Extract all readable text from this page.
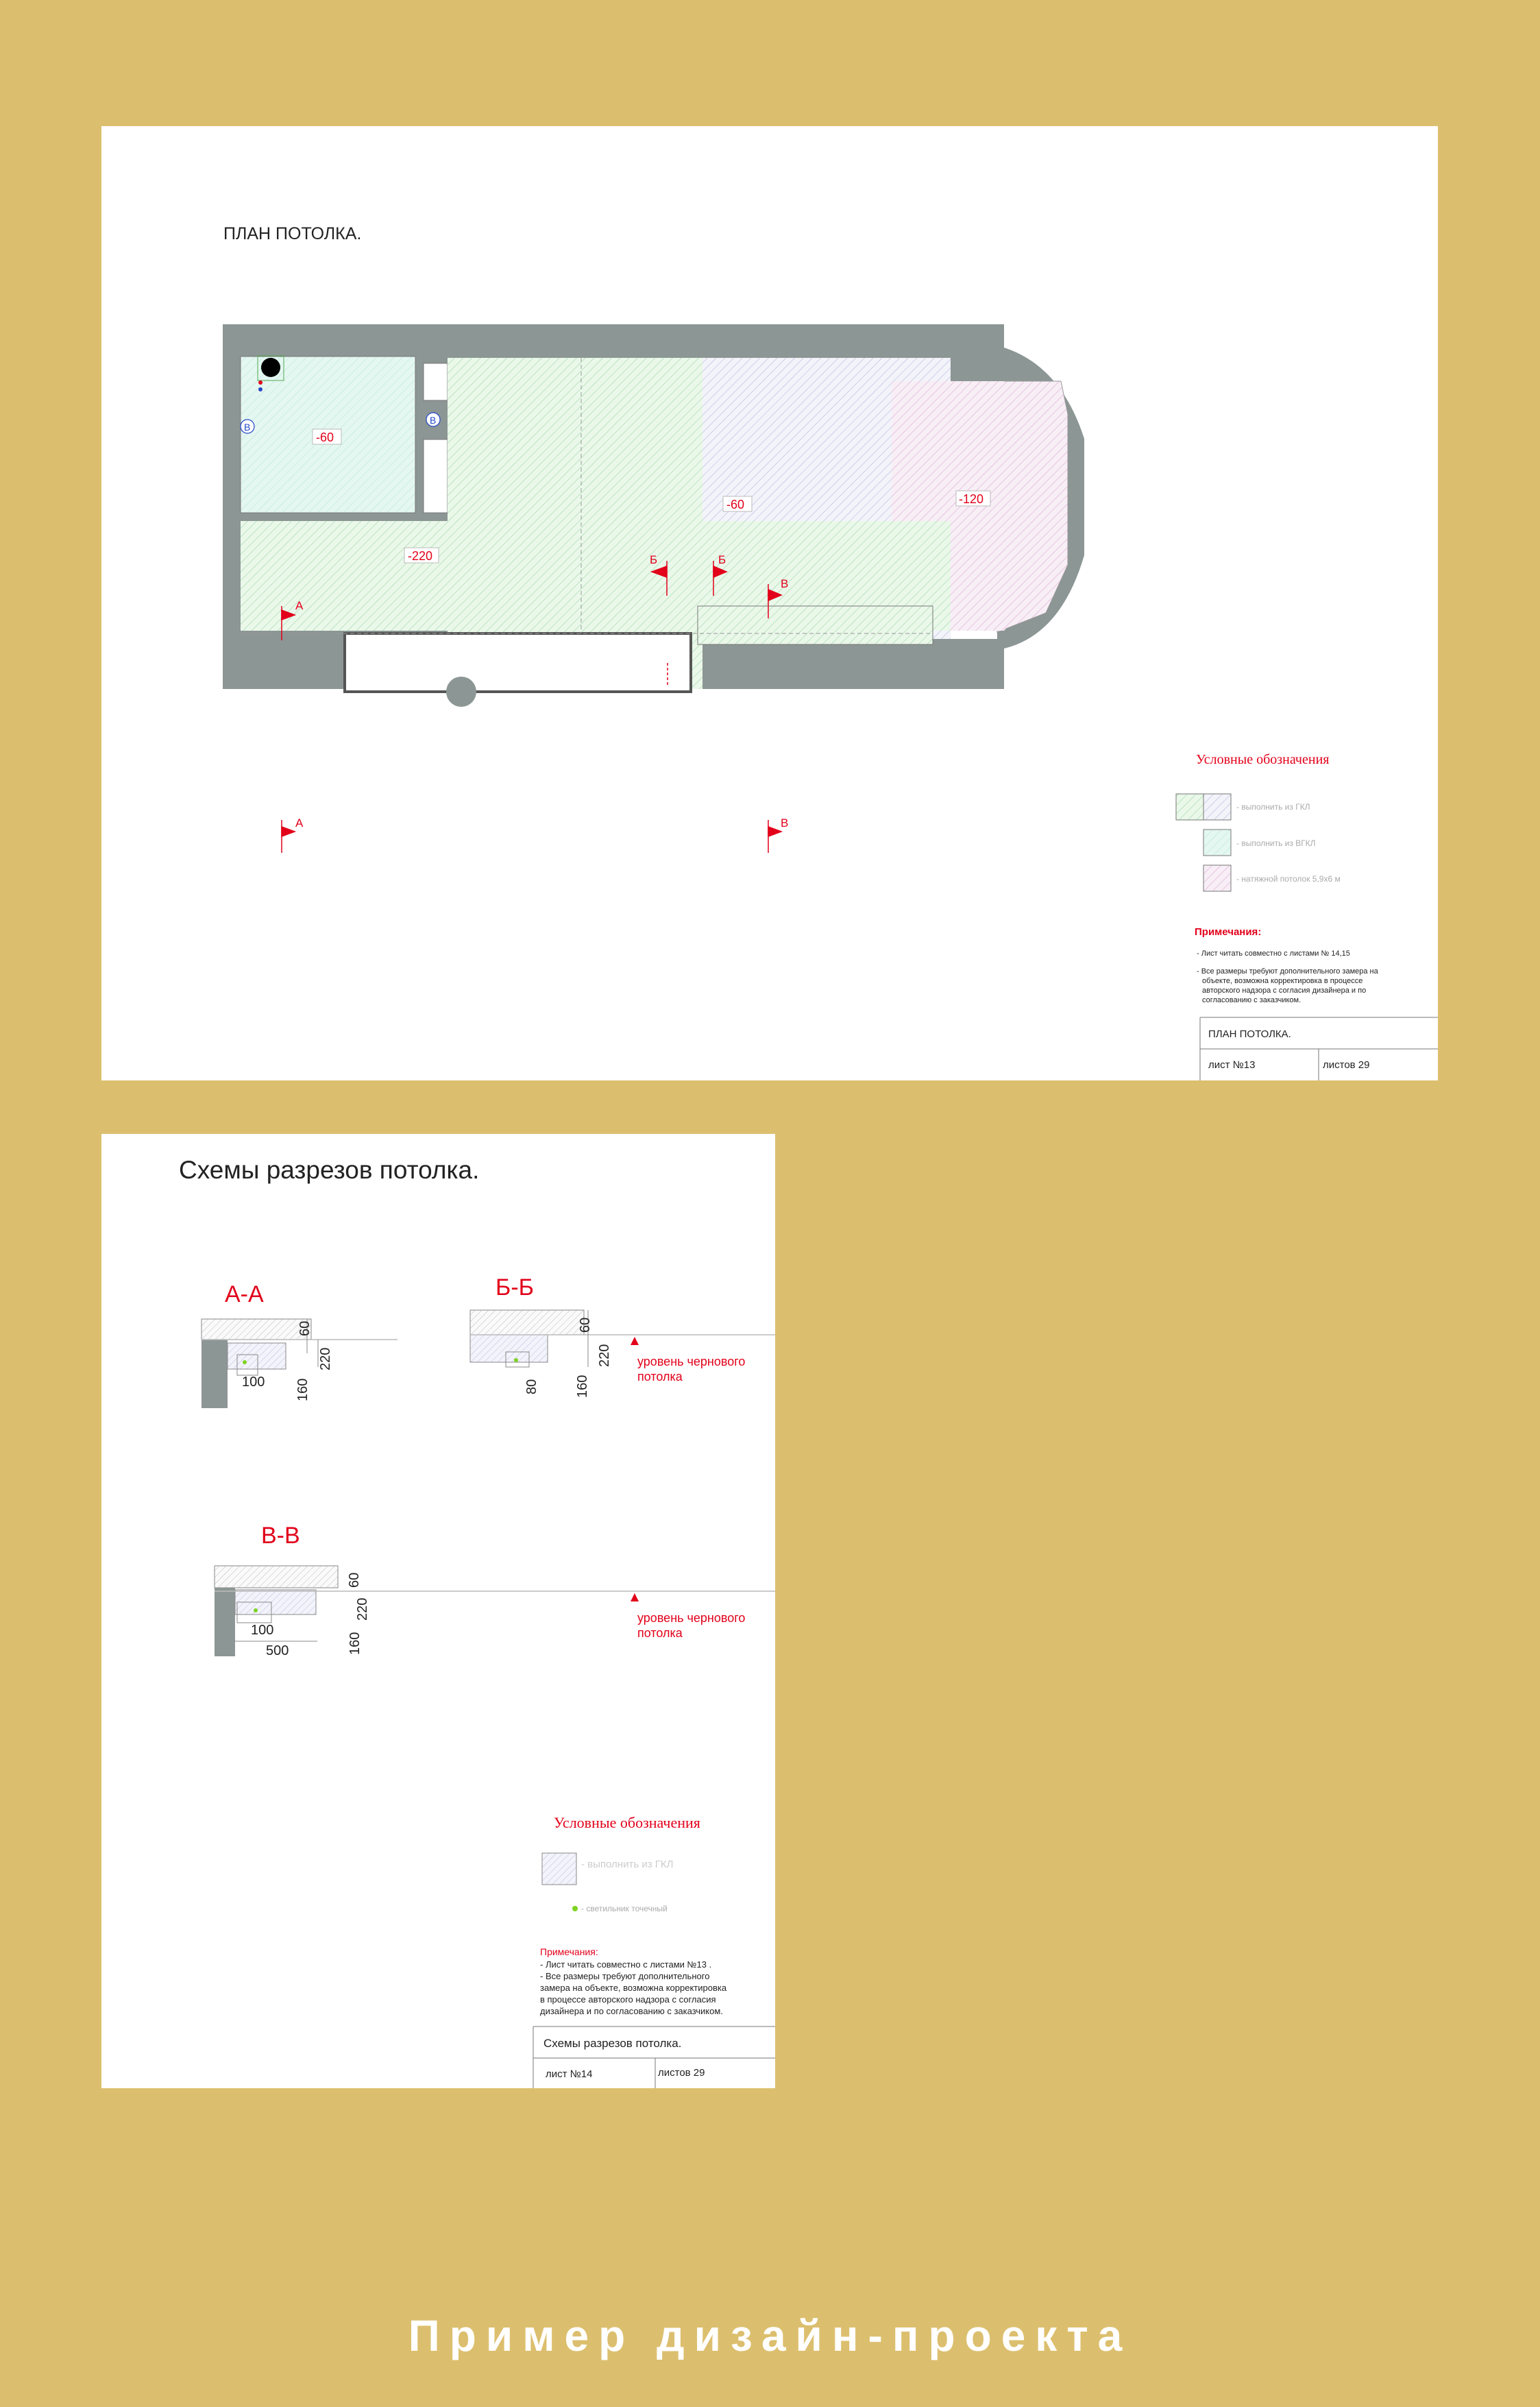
ПЛАН ПОТОЛКА.
В
В
-60
-220
-60	-120
А
А
Б	Б
В
В
Условные обозначения
- выполнить из ГКЛ
- выполнить из ВГКЛ
- натяжной потолок 5,9х6 м
Примечания:
- Лист читать совместно с листами № 14,15
- Все размеры требуют дополнительного замера на
объекте, возможна корректировка в процессе
авторского надзора с согласия дизайнера и по
согласованию с заказчиком.
ПЛАН ПОТОЛКА.
лист №13	листов 29
Схемы разрезов потолка.
А-А
60
220
160
100
Б-Б
60
220
80	160
уровень чернового
потолка
В-В
60
220
160
100
500
уровень чернового
потолка
Условные обозначения
- выполнить из ГКЛ
- светильник точечный
Примечания:
- Лист читать совместно с листами №13 .
- Все размеры требуют дополнительного
замера на объекте, возможна корректировка
в процессе авторского надзора с согласия
дизайнера и по согласованию с заказчиком.
Схемы разрезов потолка.
лист №14	листов 29
Пример дизайн-проекта
